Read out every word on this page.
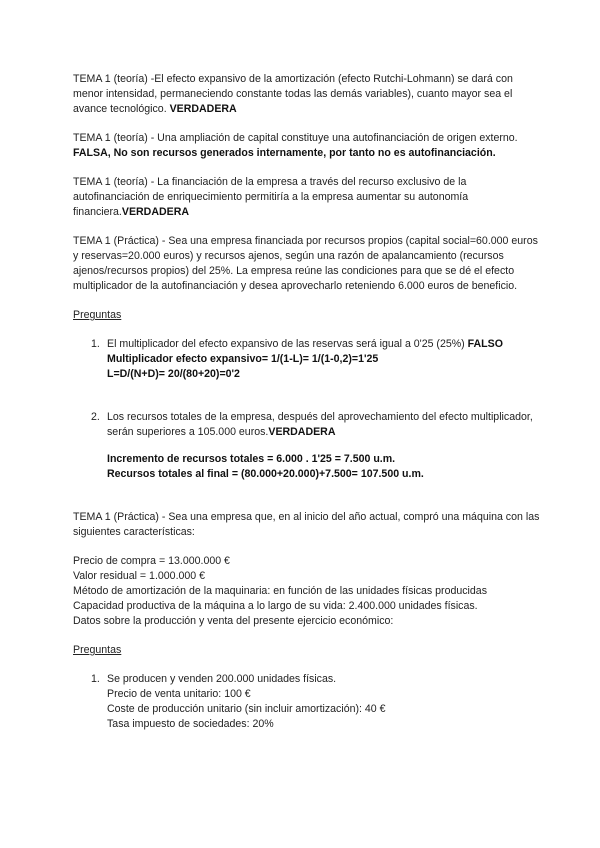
TEMA 1 (teoría) -El efecto expansivo de la amortización (efecto Rutchi-Lohmann) se dará con menor intensidad, permaneciendo constante todas las demás variables), cuanto mayor sea el avance tecnológico. VERDADERA

TEMA 1 (teoría) - Una ampliación de capital constituye una autofinanciación de origen externo. FALSA, No son recursos generados internamente, por tanto no es autofinanciación.

TEMA 1 (teoría) - La financiación de la empresa a través del recurso exclusivo de la autofinanciación de enriquecimiento permitiría a la empresa aumentar su autonomía financiera.VERDADERA

TEMA 1 (Práctica) - Sea una empresa financiada por recursos propios (capital social=60.000 euros y reservas=20.000 euros) y recursos ajenos, según una razón de apalancamiento (recursos ajenos/recursos propios) del 25%. La empresa reúne las condiciones para que se dé el efecto multiplicador de la autofinanciación y desea aprovecharlo reteniendo 6.000 euros de beneficio.

Preguntas

1. El multiplicador del efecto expansivo de las reservas será igual a 0'25 (25%) FALSO

Multiplicador efecto expansivo= 1/(1-L)= 1/(1-0,2)=1'25

L=D/(N+D)= 20/(80+20)=0'2

2. Los recursos totales de la empresa, después del aprovechamiento del efecto multiplicador, serán superiores a 105.000 euros.VERDADERA

Incremento de recursos totales = 6.000 . 1'25 = 7.500 u.m.

Recursos totales al final = (80.000+20.000)+7.500= 107.500 u.m.

TEMA 1 (Práctica) - Sea una empresa que, en al inicio del año actual, compró una máquina con las siguientes características:

Precio de compra = 13.000.000 €

Valor residual = 1.000.000 €

Método de amortización de la maquinaria: en función de las unidades físicas producidas

Capacidad productiva de la máquina a lo largo de su vida: 2.400.000 unidades físicas.

Datos sobre la producción y venta del presente ejercicio económico:

Preguntas

1. Se producen y venden 200.000 unidades físicas.

Precio de venta unitario: 100 €

Coste de producción unitario (sin incluir amortización): 40 €

Tasa impuesto de sociedades: 20%
